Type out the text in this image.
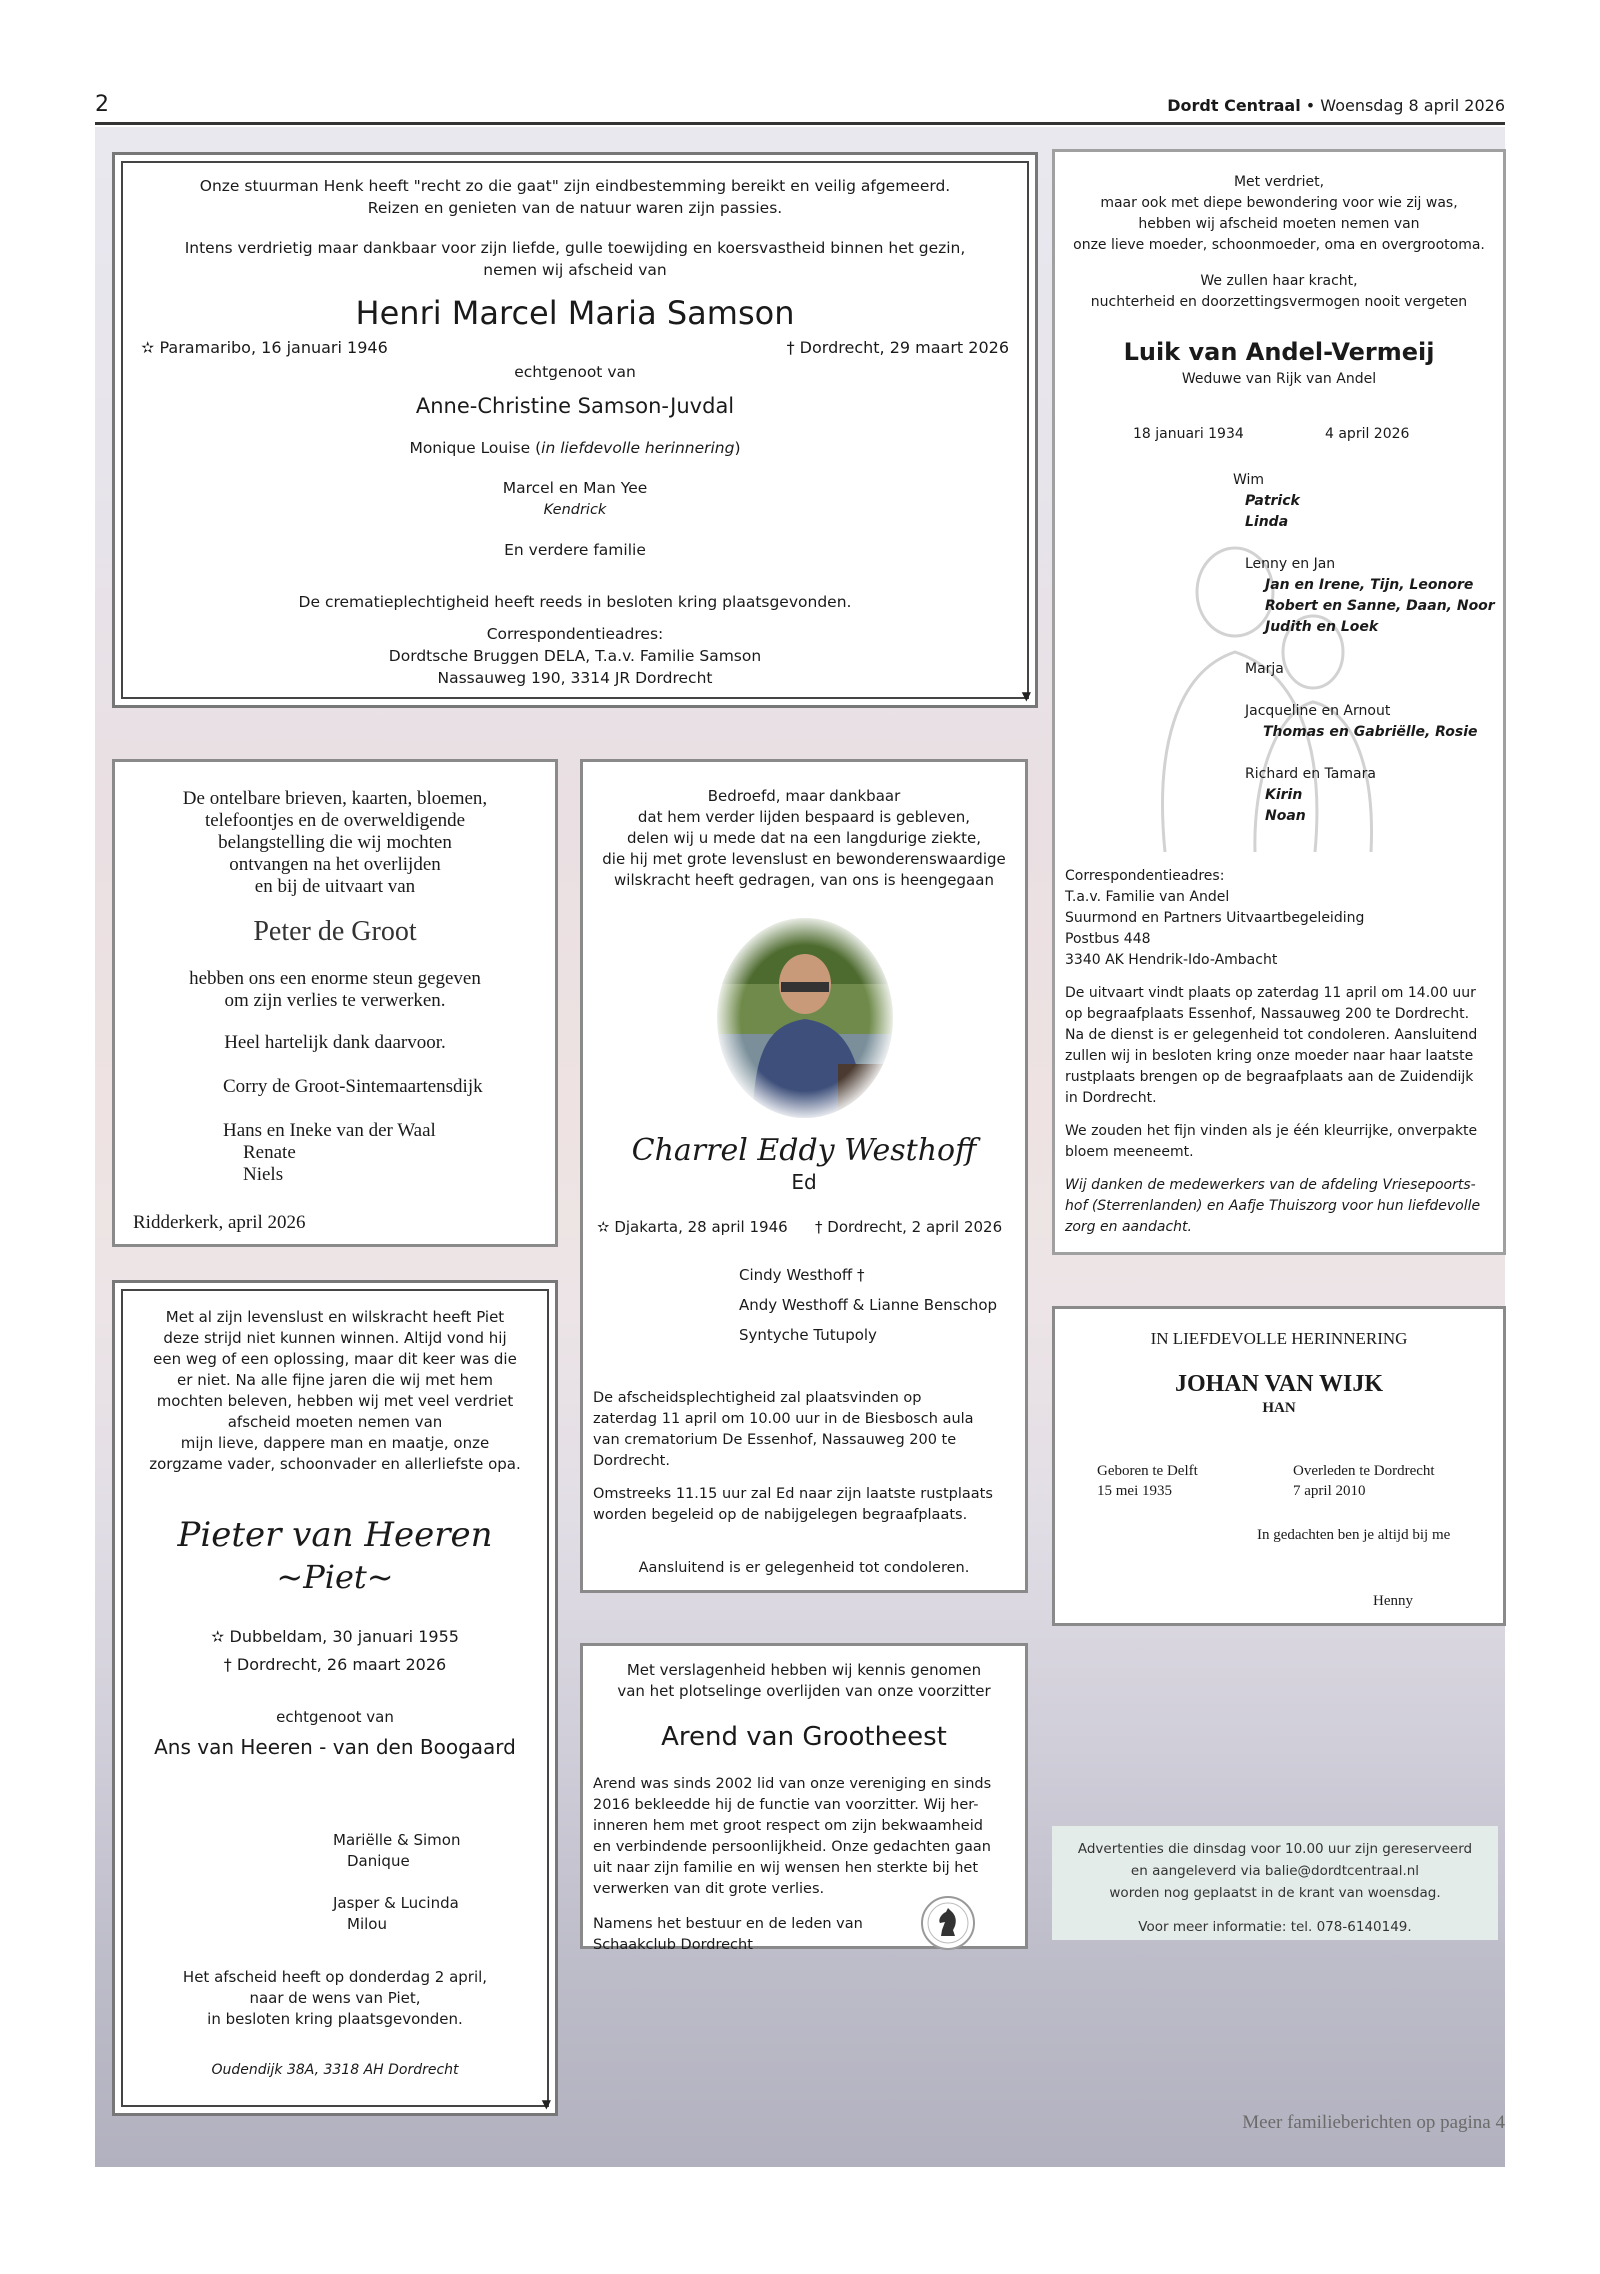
2	Dordt Centraal • Woensdag 8 april 2026
Onze stuurman Henk heeft "recht zo die gaat" zijn eindbestemming bereikt en veilig afgemeerd.
Reizen en genieten van de natuur waren zijn passies.
Intens verdrietig maar dankbaar voor zijn liefde, gulle toewijding en koersvastheid binnen het gezin,
nemen wij afscheid van
Henri Marcel Maria Samson
✫ Paramaribo, 16 januari 1946	† Dordrecht, 29 maart 2026
echtgenoot van
Anne-Christine Samson-Juvdal
Monique Louise (in liefdevolle herinnering)
Marcel en Man Yee
Kendrick
En verdere familie
De crematieplechtigheid heeft reeds in besloten kring plaatsgevonden.
Correspondentieadres:
Dordtsche Bruggen DELA, T.a.v. Familie Samson
Nassauweg 190, 3314 JR Dordrecht
▼
Met verdriet,
maar ook met diepe bewondering voor wie zij was,
hebben wij afscheid moeten nemen van
onze lieve moeder, schoonmoeder, oma en overgrootoma.
We zullen haar kracht,
nuchterheid en doorzettingsvermogen nooit vergeten
Luik van Andel-Vermeij
Weduwe van Rijk van Andel
18 januari 1934	4 april 2026
Wim
Patrick
Linda
Lenny en Jan
Jan en Irene, Tijn, Leonore
Robert en Sanne, Daan, Noor
Judith en Loek
Marja
Jacqueline en Arnout
Thomas en Gabriëlle, Rosie
Richard en Tamara
Kirin
Noan
Correspondentieadres:
T.a.v. Familie van Andel
Suurmond en Partners Uitvaartbegeleiding
Postbus 448
3340 AK Hendrik-Ido-Ambacht
De uitvaart vindt plaats op zaterdag 11 april om 14.00 uur
op begraafplaats Essenhof, Nassauweg 200 te Dordrecht.
Na de dienst is er gelegenheid tot condoleren. Aansluitend
zullen wij in besloten kring onze moeder naar haar laatste
rustplaats brengen op de begraafplaats aan de Zuidendijk
in Dordrecht.
We zouden het fijn vinden als je één kleurrijke, onverpakte
bloem meeneemt.
Wij danken de medewerkers van de afdeling Vriesepoorts-
hof (Sterrenlanden) en Aafje Thuiszorg voor hun liefdevolle
zorg en aandacht.
De ontelbare brieven, kaarten, bloemen,
telefoontjes en de overweldigende
belangstelling die wij mochten
ontvangen na het overlijden
en bij de uitvaart van
Peter de Groot
hebben ons een enorme steun gegeven
om zijn verlies te verwerken.
Heel hartelijk dank daarvoor.
Corry de Groot-Sintemaartensdijk
Hans en Ineke van der Waal
Renate
Niels
Ridderkerk, april 2026
Bedroefd, maar dankbaar
dat hem verder lijden bespaard is gebleven,
delen wij u mede dat na een langdurige ziekte,
die hij met grote levenslust en bewonderenswaardige
wilskracht heeft gedragen, van ons is heengegaan
Charrel Eddy Westhoff
Ed
✫ Djakarta, 28 april 1946 † Dordrecht, 2 april 2026
Cindy Westhoff †
Andy Westhoff & Lianne Benschop
Syntyche Tutupoly
De afscheidsplechtigheid zal plaatsvinden op
zaterdag 11 april om 10.00 uur in de Biesbosch aula
van crematorium De Essenhof, Nassauweg 200 te
Dordrecht.
Omstreeks 11.15 uur zal Ed naar zijn laatste rustplaats
worden begeleid op de nabijgelegen begraafplaats.
Aansluitend is er gelegenheid tot condoleren.
IN LIEFDEVOLLE HERINNERING
JOHAN VAN WIJK
HAN
Geboren te Delft
15 mei 1935
Overleden te Dordrecht
7 april 2010
In gedachten ben je altijd bij me
Henny
Met al zijn levenslust en wilskracht heeft Piet
deze strijd niet kunnen winnen. Altijd vond hij
een weg of een oplossing, maar dit keer was die
er niet. Na alle fijne jaren die wij met hem
mochten beleven, hebben wij met veel verdriet
afscheid moeten nemen van
mijn lieve, dappere man en maatje, onze
zorgzame vader, schoonvader en allerliefste opa.
Pieter van Heeren
~Piet~
✫ Dubbeldam, 30 januari 1955
† Dordrecht, 26 maart 2026
echtgenoot van
Ans van Heeren - van den Boogaard
Mariëlle & Simon
Danique
Jasper & Lucinda
Milou
Het afscheid heeft op donderdag 2 april,
naar de wens van Piet,
in besloten kring plaatsgevonden.
Oudendijk 38A, 3318 AH Dordrecht
▼
Met verslagenheid hebben wij kennis genomen
van het plotselinge overlijden van onze voorzitter
Arend van Grootheest
Arend was sinds 2002 lid van onze vereniging en sinds
2016 bekleedde hij de functie van voorzitter. Wij her-
inneren hem met groot respect om zijn bekwaamheid
en verbindende persoonlijkheid. Onze gedachten gaan
uit naar zijn familie en wij wensen hen sterkte bij het
verwerken van dit grote verlies.
Namens het bestuur en de leden van
Schaakclub Dordrecht
Advertenties die dinsdag voor 10.00 uur zijn gereserveerd
en aangeleverd via balie@dordtcentraal.nl
worden nog geplaatst in de krant van woensdag.
Voor meer informatie: tel. 078-6140149.
Meer familieberichten op pagina 4
